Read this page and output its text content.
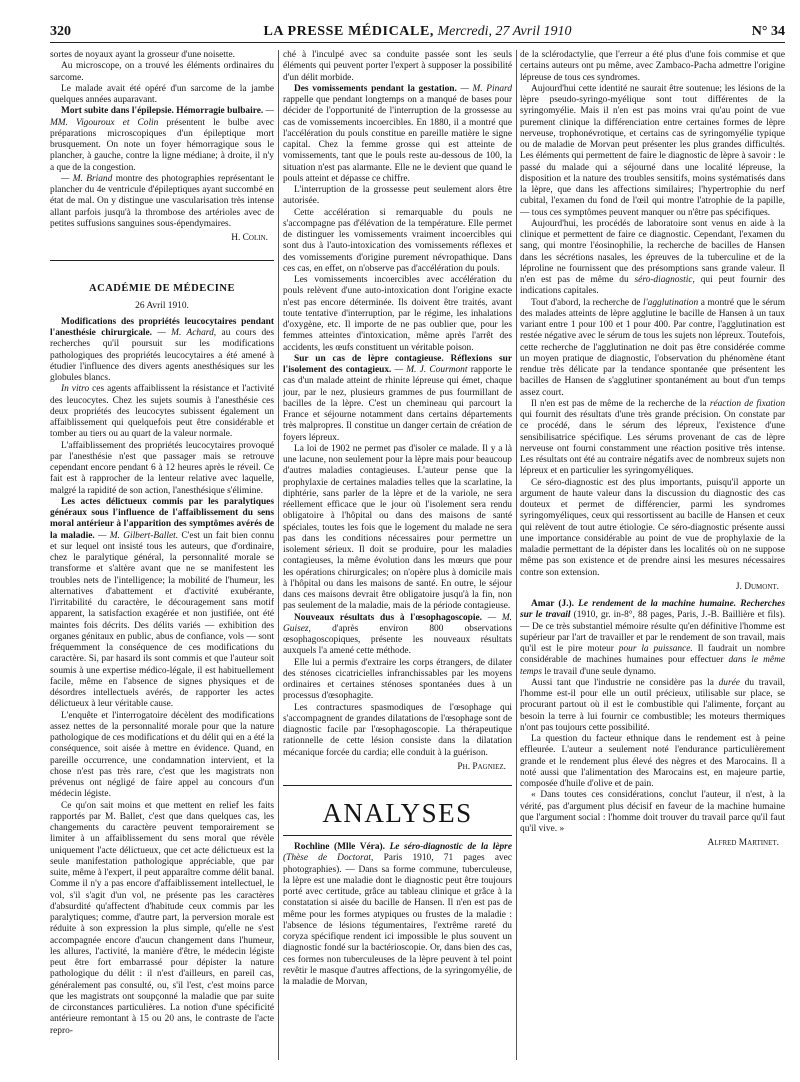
320	LA PRESSE MÉDICALE, Mercredi, 27 Avril 1910	N° 34

sortes de noyaux ayant la grosseur d'une noisette.

Au microscope, on a trouvé les éléments ordinaires du sarcome.

Le malade avait été opéré d'un sarcome de la jambe quelques années auparavant.

Mort subite dans l'épilepsie. Hémorragie bulbaire. — MM. Vigouroux et Colin présentent le bulbe avec préparations microscopiques d'un épileptique mort brusquement. On note un foyer hémorragique sous le plancher, à gauche, contre la ligne médiane; à droite, il n'y a que de la congestion.

— M. Briand montre des photographies représentant le plancher du 4e ventricule d'épileptiques ayant succombé en état de mal. On y distingue une vascularisation très intense allant parfois jusqu'à la thrombose des artérioles avec de petites suffusions sanguines sous-épendymaires.

H. Colin.
ACADÉMIE DE MÉDECINE
26 Avril 1910.

Modifications des propriétés leucocytaires pendant l'anesthésie chirurgicale. — M. Achard, au cours des recherches qu'il poursuit sur les modifications pathologiques des propriétés leucocytaires a été amené à étudier l'influence des divers agents anesthésiques sur les globules blancs.

In vitro ces agents affaiblissent la résistance et l'activité des leucocytes. Chez les sujets soumis à l'anesthésie ces deux propriétés des leucocytes subissent également un affaiblissement qui quelquefois peut être considérable et tomber au tiers ou au quart de la valeur normale.

L'affaiblissement des propriétés leucocytaires provoqué par l'anesthésie n'est que passager mais se retrouve cependant encore pendant 6 à 12 heures après le réveil. Ce fait est à rapprocher de la lenteur relative avec laquelle, malgré la rapidité de son action, l'anesthésique s'élimine.

Les actes délictueux commis par les paralytiques généraux sous l'influence de l'affaiblissement du sens moral antérieur à l'apparition des symptômes avérés de la maladie. — M. Gilbert-Ballet. C'est un fait bien connu et sur lequel ont insisté tous les auteurs, que d'ordinaire, chez le paralytique général, la personnalité morale se transforme et s'altère avant que ne se manifestent les troubles nets de l'intelligence; la mobilité de l'humeur, les alternatives d'abattement et d'activité exubérante, l'irritabilité du caractère, le découragement sans motif apparent, la satisfaction exagérée et non justifiée, ont été maintes fois décrits. Des délits variés — exhibition des organes génitaux en public, abus de confiance, vols — sont fréquemment la conséquence de ces modifications du caractère. Si, par hasard ils sont commis et que l'auteur soit soumis à une expertise médico-légale, il est habituellement facile, même en l'absence de signes physiques et de désordres intellectuels avérés, de rapporter les actes délictueux à leur véritable cause.

L'enquête et l'interrogatoire décèlent des modifications assez nettes de la personnalité morale pour que la nature pathologique de ces modifications et du délit qui en a été la conséquence, soit aisée à mettre en évidence. Quand, en pareille occurrence, une condamnation intervient, et la chose n'est pas très rare, c'est que les magistrats non prévenus ont négligé de faire appel au concours d'un médecin légiste.

Ce qu'on sait moins et que mettent en relief les faits rapportés par M. Ballet, c'est que dans quelques cas, les changements du caractère peuvent temporairement se limiter à un affaiblissement du sens moral que révèle uniquement l'acte délictueux, que cet acte délictueux est la seule manifestation pathologique appréciable, que par suite, même à l'expert, il peut apparaître comme délit banal. Comme il n'y a pas encore d'affaiblissement intellectuel, le vol, s'il s'agit d'un vol, ne présente pas les caractères d'absurdité qu'affectent d'habitude ceux commis par les paralytiques; comme, d'autre part, la perversion morale est réduite à son expression la plus simple, qu'elle ne s'est accompagnée encore d'aucun changement dans l'humeur, les allures, l'activité, la manière d'être, le médecin légiste peut être fort embarrassé pour dépister la nature pathologique du délit : il n'est d'ailleurs, en pareil cas, généralement pas consulté, ou, s'il l'est, c'est moins parce que les magistrats ont soupçonné la maladie que par suite de circonstances particulières. La notion d'une spécificité antérieure remontant à 15 ou 20 ans, le contraste de l'acte repro-

ché à l'inculpé avec sa conduite passée sont les seuls éléments qui peuvent porter l'expert à supposer la possibilité d'un délit morbide.

Des vomissements pendant la gestation. — M. Pinard rappelle que pendant longtemps on a manqué de bases pour décider de l'opportunité de l'interruption de la grossesse au cas de vomissements incoercibles. En 1880, il a montré que l'accélération du pouls constitue en pareille matière le signe capital. Chez la femme grosse qui est atteinte de vomissements, tant que le pouls reste au-dessous de 100, la situation n'est pas alarmante. Elle ne le devient que quand le pouls atteint et dépasse ce chiffre.

L'interruption de la grossesse peut seulement alors être autorisée.

Cette accélération si remarquable du pouls ne s'accompagne pas d'élévation de la température. Elle permet de distinguer les vomissements vraiment incoercibles qui sont dus à l'auto-intoxication des vomissements réflexes et des vomissements d'origine purement névropathique. Dans ces cas, en effet, on n'observe pas d'accélération du pouls.

Les vomissements incoercibles avec accélération du pouls relèvent d'une auto-intoxication dont l'origine exacte n'est pas encore déterminée. Ils doivent être traités, avant toute tentative d'interruption, par le régime, les inhalations d'oxygène, etc. Il importe de ne pas oublier que, pour les femmes atteintes d'intoxication, même après l'arrêt des accidents, les œufs constituent un véritable poison.

Sur un cas de lèpre contagieuse. Réflexions sur l'isolement des contagieux. — M. J. Courmont rapporte le cas d'un malade atteint de rhinite lépreuse qui émet, chaque jour, par le nez, plusieurs grammes de pus fourmillant de bacilles de la lèpre. C'est un chemineau qui parcourt la France et séjourne notamment dans certains départements très malpropres. Il constitue un danger certain de création de foyers lépreux.

La loi de 1902 ne permet pas d'isoler ce malade. Il y a là une lacune, non seulement pour la lèpre mais pour beaucoup d'autres maladies contagieuses. L'auteur pense que la prophylaxie de certaines maladies telles que la scarlatine, la diphtérie, sans parler de la lèpre et de la variole, ne sera réellement efficace que le jour où l'isolement sera rendu obligatoire à l'hôpital ou dans des maisons de santé spéciales, toutes les fois que le logement du malade ne sera pas dans les conditions nécessaires pour permettre un isolement sérieux. Il doit se produire, pour les maladies contagieuses, la même évolution dans les mœurs que pour les opérations chirurgicales; on n'opère plus à domicile mais à l'hôpital ou dans les maisons de santé. En outre, le séjour dans ces maisons devrait être obligatoire jusqu'à la fin, non pas seulement de la maladie, mais de la période contagieuse.

Nouveaux résultats dus à l'œsophagoscopie. — M. Guisez, d'après environ 800 observations œsophagoscopiques, présente les nouveaux résultats auxquels l'a amené cette méthode.

Elle lui a permis d'extraire les corps étrangers, de dilater des sténoses cicatricielles infranchissables par les moyens ordinaires et certaines sténoses spontanées dues à un processus d'œsophagite.

Les contractures spasmodiques de l'œsophage qui s'accompagnent de grandes dilatations de l'œsophage sont de diagnostic facile par l'œsophagoscopie. La thérapeutique rationnelle de cette lésion consiste dans la dilatation mécanique forcée du cardia; elle conduit à la guérison.

Ph. Pagniez.
ANALYSES

Rochline (Mlle Véra). Le séro-diagnostic de la lèpre (Thèse de Doctorat, Paris 1910, 71 pages avec photographies). — Dans sa forme commune, tuberculeuse, la lèpre est une maladie dont le diagnostic peut être toujours porté avec certitude, grâce au tableau clinique et grâce à la constatation si aisée du bacille de Hansen. Il n'en est pas de même pour les formes atypiques ou frustes de la maladie : l'absence de lésions tégumentaires, l'extrême rareté du coryza spécifique rendent ici impossible le plus souvent un diagnostic fondé sur la bactérioscopie. Or, dans bien des cas, ces formes non tuberculeuses de la lèpre peuvent à tel point revêtir le masque d'autres affections, de la syringomyélie, de la maladie de Morvan,

de la sclérodactylie, que l'erreur a été plus d'une fois commise et que certains auteurs ont pu même, avec Zambaco-Pacha admettre l'origine lépreuse de tous ces syndromes.

Aujourd'hui cette identité ne saurait être soutenue; les lésions de la lèpre pseudo-syringo-myélique sont tout différentes de la syringomyélie. Mais il n'en est pas moins vrai qu'au point de vue purement clinique la différenciation entre certaines formes de lèpre nerveuse, trophonévrotique, et certains cas de syringomyélie typique ou de maladie de Morvan peut présenter les plus grandes difficultés. Les éléments qui permettent de faire le diagnostic de lèpre à savoir : le passé du malade qui a séjourné dans une localité lépreuse, la disposition et la nature des troubles sensitifs, moins systématisés dans la lèpre, que dans les affections similaires; l'hypertrophie du nerf cubital, l'examen du fond de l'œil qui montre l'atrophie de la papille, — tous ces symptômes peuvent manquer ou n'être pas spécifiques.

Aujourd'hui, les procédés de laboratoire sont venus en aide à la clinique et permettent de faire ce diagnostic. Cependant, l'examen du sang, qui montre l'éosinophilie, la recherche de bacilles de Hansen dans les sécrétions nasales, les épreuves de la tuberculine et de la léproline ne fournissent que des présomptions sans grande valeur. Il n'en est pas de même du séro-diagnostic, qui peut fournir des indications capitales.

Tout d'abord, la recherche de l'agglutination a montré que le sérum des malades atteints de lèpre agglutine le bacille de Hansen à un taux variant entre 1 pour 100 et 1 pour 400. Par contre, l'agglutination est restée négative avec le sérum de tous les sujets non lépreux. Toutefois, cette recherche de l'agglutination ne doit pas être considérée comme un moyen pratique de diagnostic, l'observation du phénomène étant rendue très délicate par la tendance spontanée que présentent les bacilles de Hansen de s'agglutiner spontanément au bout d'un temps assez court.

Il n'en est pas de même de la recherche de la réaction de fixation qui fournit des résultats d'une très grande précision. On constate par ce procédé, dans le sérum des lépreux, l'existence d'une sensibilisatrice spécifique. Les sérums provenant de cas de lèpre nerveuse ont fourni constamment une réaction positive très intense. Les résultats ont été au contraire négatifs avec de nombreux sujets non lépreux et en particulier les syringomyéliques.

Ce séro-diagnostic est des plus importants, puisqu'il apporte un argument de haute valeur dans la discussion du diagnostic des cas douteux et permet de différencier, parmi les syndromes syringomyéliques, ceux qui ressortissent au bacille de Hansen et ceux qui relèvent de tout autre étiologie. Ce séro-diagnostic présente aussi une importance considérable au point de vue de prophylaxie de la maladie permettant de la dépister dans les localités où on ne suppose même pas son existence et de prendre ainsi les mesures nécessaires contre son extension.

J. Dumont.

Amar (J.). Le rendement de la machine humaine. Recherches sur le travail (1910, gr. in-8°, 88 pages, Paris, J.-B. Baillière et fils). — De ce très substantiel mémoire résulte qu'en définitive l'homme est supérieur par l'art de travailler et par le rendement de son travail, mais qu'il est le pire moteur pour la puissance. Il faudrait un nombre considérable de machines humaines pour effectuer dans le même temps le travail d'une seule dynamo.

Aussi tant que l'industrie ne considère pas la durée du travail, l'homme est-il pour elle un outil précieux, utilisable sur place, se procurant partout où il est le combustible qui l'alimente, forçant au besoin la terre à lui fournir ce combustible; les moteurs thermiques n'ont pas toujours cette possibilité.

La question du facteur ethnique dans le rendement est à peine effleurée. L'auteur a seulement noté l'endurance particulièrement grande et le rendement plus élevé des nègres et des Marocains. Il a noté aussi que l'alimentation des Marocains est, en majeure partie, composée d'huile d'olive et de pain.

« Dans toutes ces considérations, conclut l'auteur, il n'est, à la vérité, pas d'argument plus décisif en faveur de la machine humaine que l'argument social : l'homme doit trouver du travail parce qu'il faut qu'il vive. »

Alfred Martinet.
